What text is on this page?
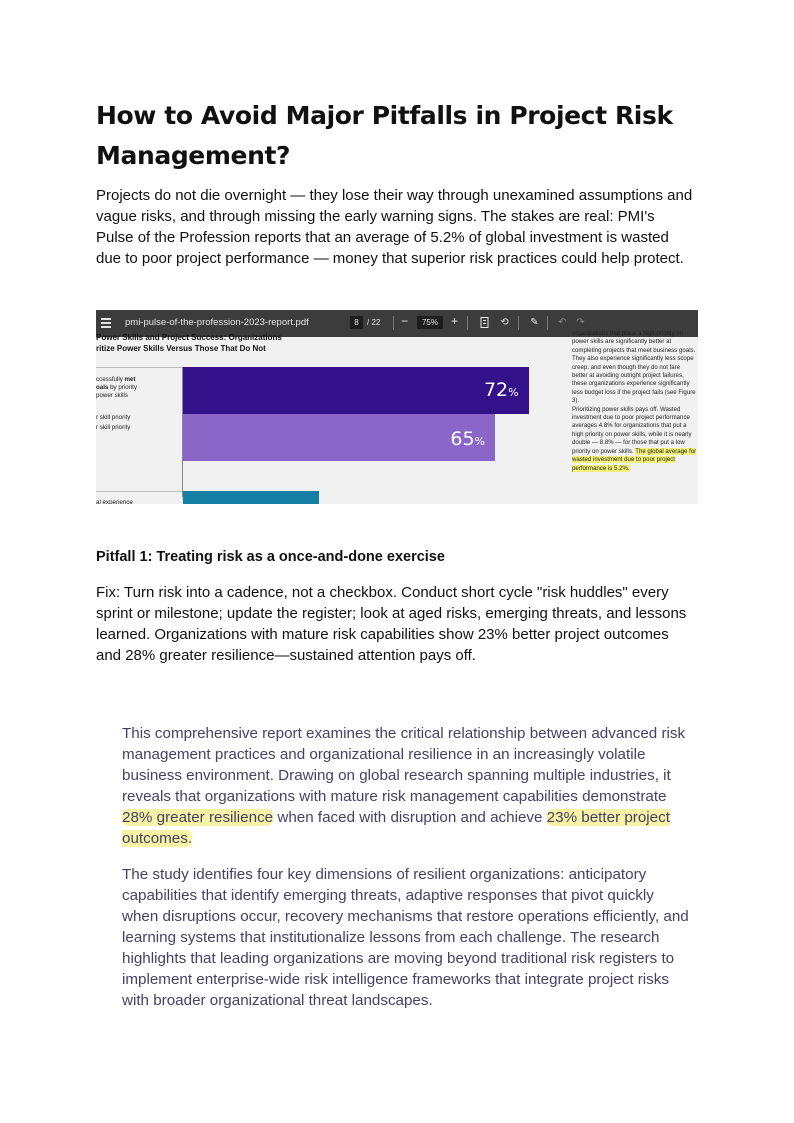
How to Avoid Major Pitfalls in Project Risk Management?

Projects do not die overnight — they lose their way through unexamined assumptions and vague risks, and through missing the early warning signs. The stakes are real: PMI's Pulse of the Profession reports that an average of 5.2% of global investment is wasted due to poor project performance — money that superior risk practices could help protect.

pmi-pulse-of-the-profession-2023-report.pdf	8	/ 22 −	75%	+	⟲ ✎ ↶ ↷
Power Skills and Project Success: Organizations
ritize Power Skills Versus Those That Do Not
ccessfully met
oals by priority
power skills
r skill priority
r skill priority
al experience
72%
65%
organizations that place a high priority on power skills are significantly better at completing projects that meet business goals. They also experience significantly less scope creep, and even though they do not fare better at avoiding outright project failures, these organizations experience significantly less budget loss if the project fails (see Figure 3).
Prioritizing power skills pays off. Wasted investment due to poor project performance averages 4.8% for organizations that put a high priority on power skills, while it is nearly double — 8.8% — for those that put a low priority on power skills. The global average for wasted investment due to poor project performance is 5.2%.
Pitfall 1: Treating risk as a once-and-done exercise

Fix: Turn risk into a cadence, not a checkbox. Conduct short cycle "risk huddles" every sprint or milestone; update the register; look at aged risks, emerging threats, and lessons learned. Organizations with mature risk capabilities show 23% better project outcomes and 28% greater resilience—sustained attention pays off.

This comprehensive report examines the critical relationship between advanced risk management practices and organizational resilience in an increasingly volatile business environment. Drawing on global research spanning multiple industries, it reveals that organizations with mature risk management capabilities demonstrate 28% greater resilience when faced with disruption and achieve 23% better project outcomes.

The study identifies four key dimensions of resilient organizations: anticipatory capabilities that identify emerging threats, adaptive responses that pivot quickly when disruptions occur, recovery mechanisms that restore operations efficiently, and learning systems that institutionalize lessons from each challenge. The research highlights that leading organizations are moving beyond traditional risk registers to implement enterprise-wide risk intelligence frameworks that integrate project risks with broader organizational threat landscapes.
